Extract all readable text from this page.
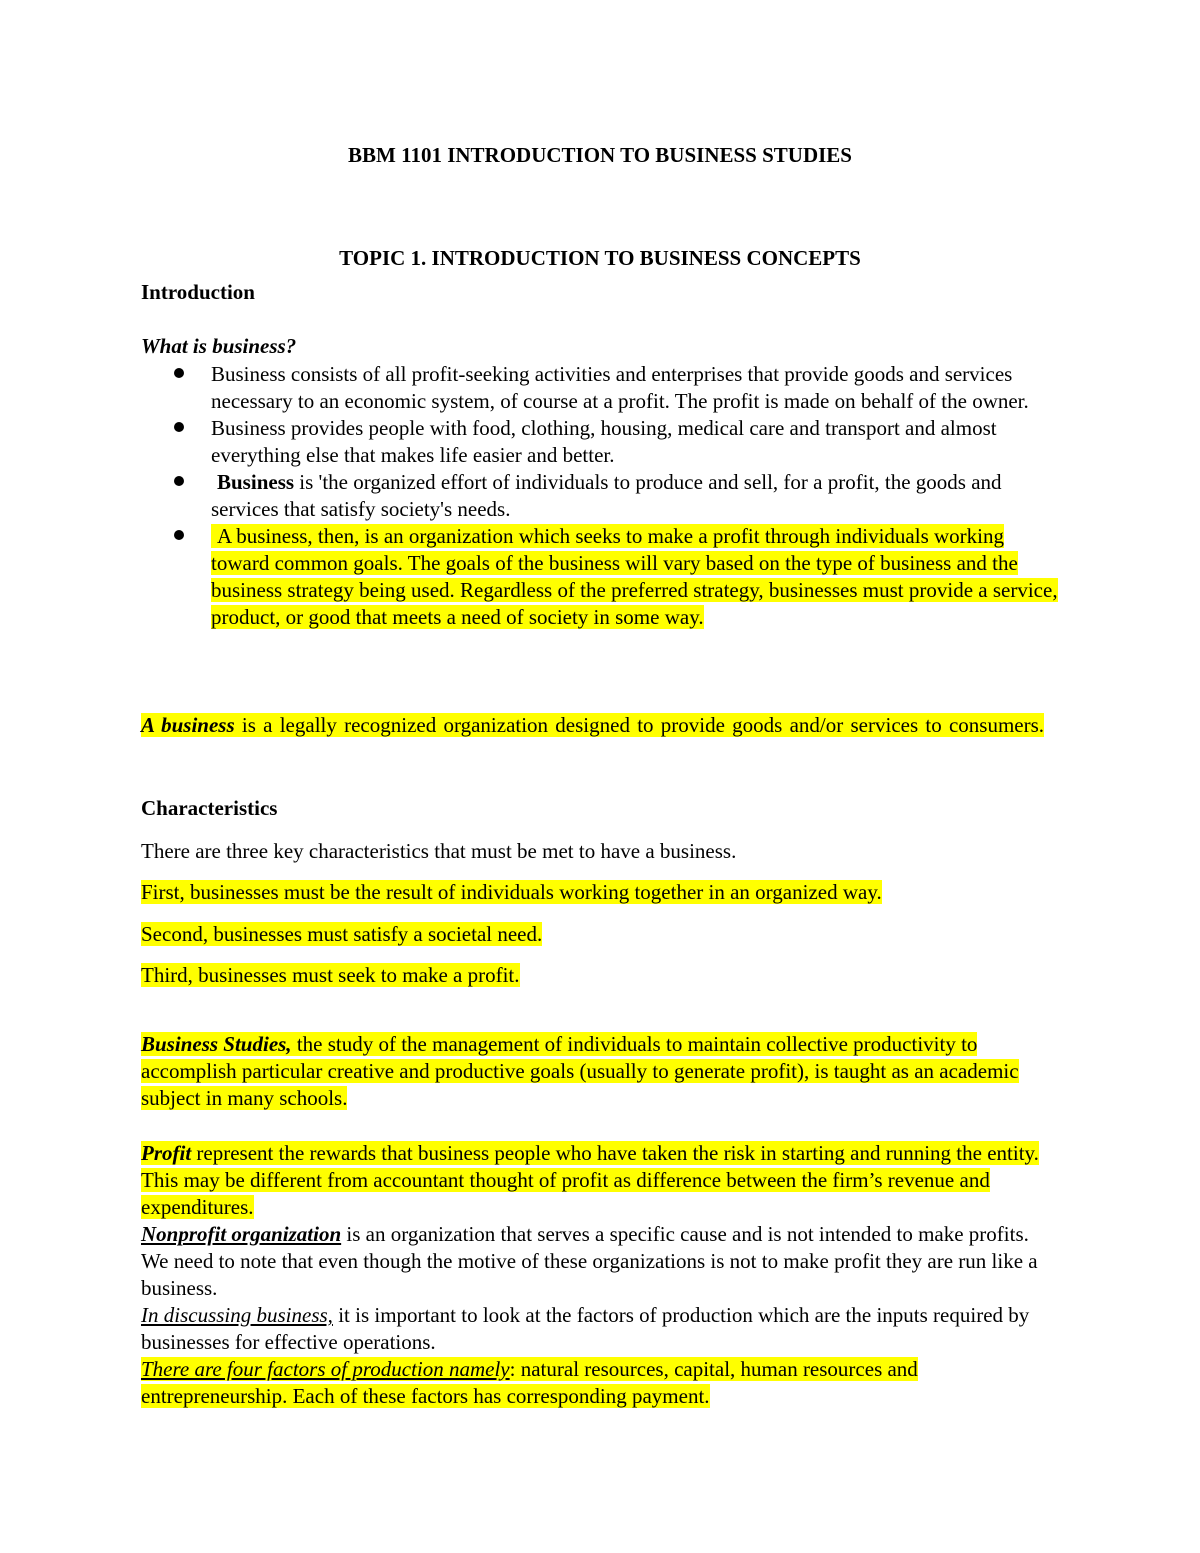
BBM 1101 INTRODUCTION TO BUSINESS STUDIES
TOPIC 1. INTRODUCTION TO BUSINESS CONCEPTS
Introduction
What is business?
Business consists of all profit-seeking activities and enterprises that provide goods and services necessary to an economic system, of course at a profit. The profit is made on behalf of the owner.
Business provides people with food, clothing, housing, medical care and transport and almost everything else that makes life easier and better.
Business is 'the organized effort of individuals to produce and sell, for a profit, the goods and services that satisfy society's needs.
A business, then, is an organization which seeks to make a profit through individuals working toward common goals. The goals of the business will vary based on the type of business and the business strategy being used. Regardless of the preferred strategy, businesses must provide a service, product, or good that meets a need of society in some way.

A business is a legally recognized organization designed to provide goods and/or services to consumers.

Characteristics

There are three key characteristics that must be met to have a business.

First, businesses must be the result of individuals working together in an organized way.

Second, businesses must satisfy a societal need.

Third, businesses must seek to make a profit.

Business Studies, the study of the management of individuals to maintain collective productivity to accomplish particular creative and productive goals (usually to generate profit), is taught as an academic subject in many schools.

Profit represent the rewards that business people who have taken the risk in starting and running the entity. This may be different from accountant thought of profit as difference between the firm’s revenue and expenditures.

Nonprofit organization is an organization that serves a specific cause and is not intended to make profits. We need to note that even though the motive of these organizations is not to make profit they are run like a business.

In discussing business, it is important to look at the factors of production which are the inputs required by businesses for effective operations.

There are four factors of production namely: natural resources, capital, human resources and entrepreneurship. Each of these factors has corresponding payment.
